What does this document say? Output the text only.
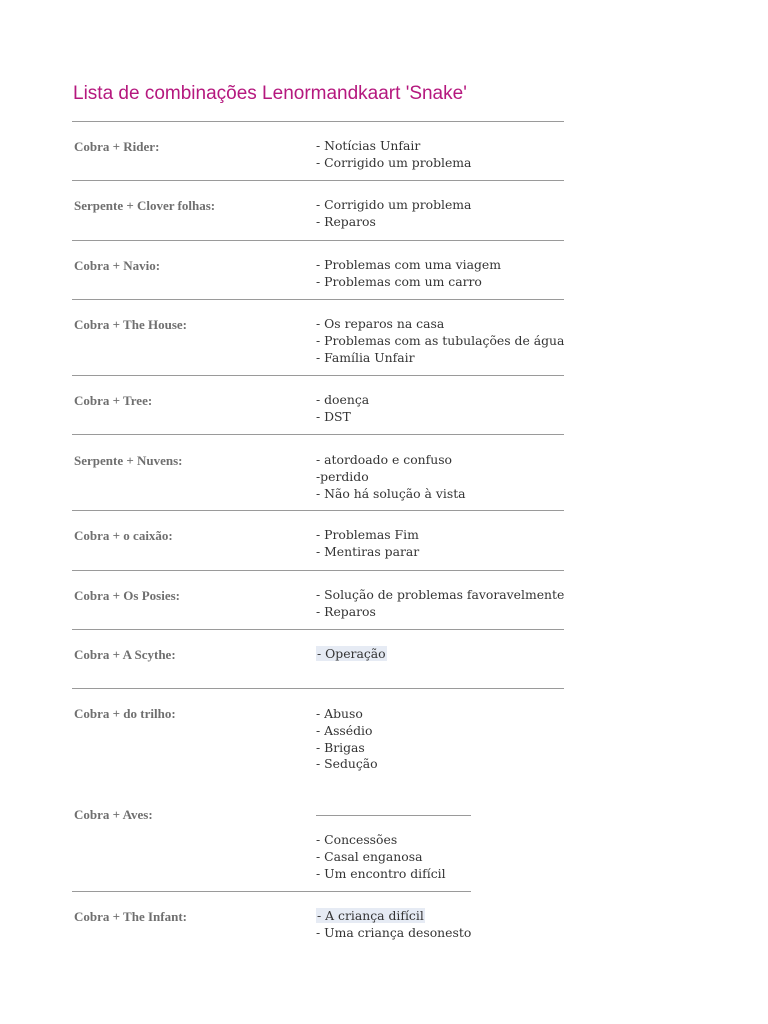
Lista de combinações Lenormandkaart 'Snake'

Cobra + Rider:	- Notícias Unfair
- Corrigido um problema

Serpente + Clover folhas:	- Corrigido um problema
- Reparos

Cobra + Navio:	- Problemas com uma viagem
- Problemas com um carro

Cobra + The House:	- Os reparos na casa
- Problemas com as tubulações de água
- Família Unfair

Cobra + Tree:	- doença
- DST

Serpente + Nuvens:	- atordoado e confuso
-perdido
- Não há solução à vista

Cobra + o caixão:	- Problemas Fim
- Mentiras parar

Cobra + Os Posies:	- Solução de problemas favoravelmente
- Reparos

Cobra + A Scythe:	- Operação

Cobra + do trilho:	- Abuso
- Assédio
- Brigas
- Sedução

Cobra + Aves:

- Concessões
- Casal enganosa
- Um encontro difícil

Cobra + The Infant:	- A criança difícil
- Uma criança desonesto
